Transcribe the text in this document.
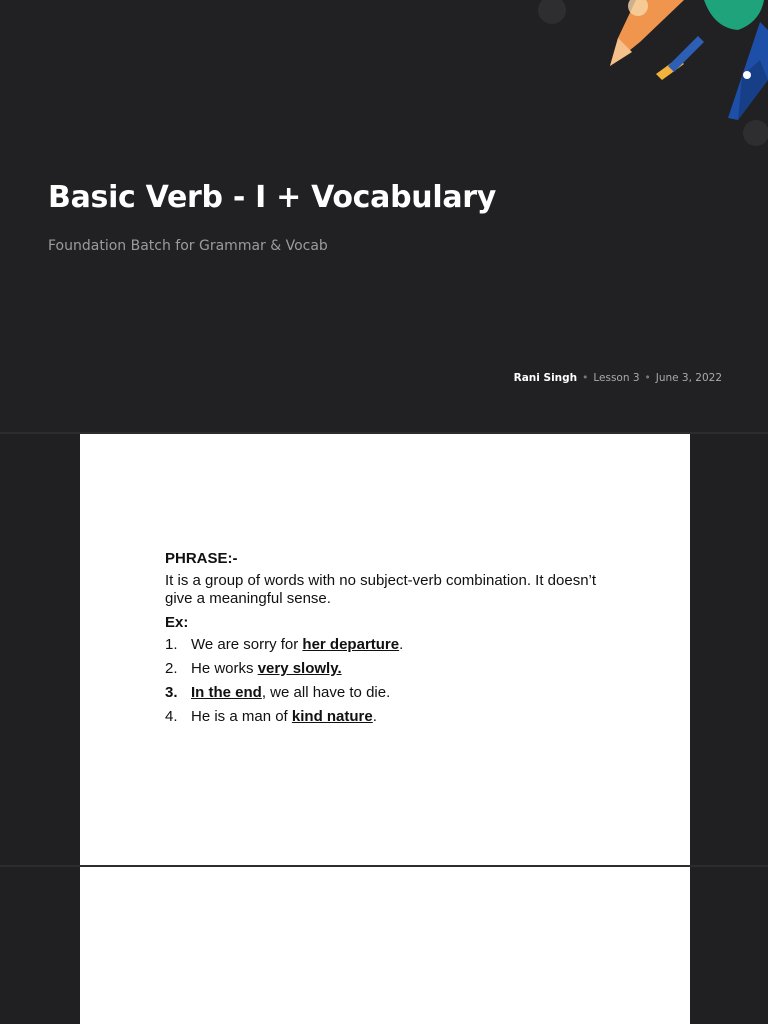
Basic Verb - I + Vocabulary
Foundation Batch for Grammar & Vocab
Rani Singh • Lesson 3 • June 3, 2022
PHRASE:-
It is a group of words with no subject-verb combination. It doesn’t give a meaningful sense.
Ex:
1. We are sorry for her departure.
2. He works very slowly.
3. In the end, we all have to die.
4. He is a man of kind nature.
